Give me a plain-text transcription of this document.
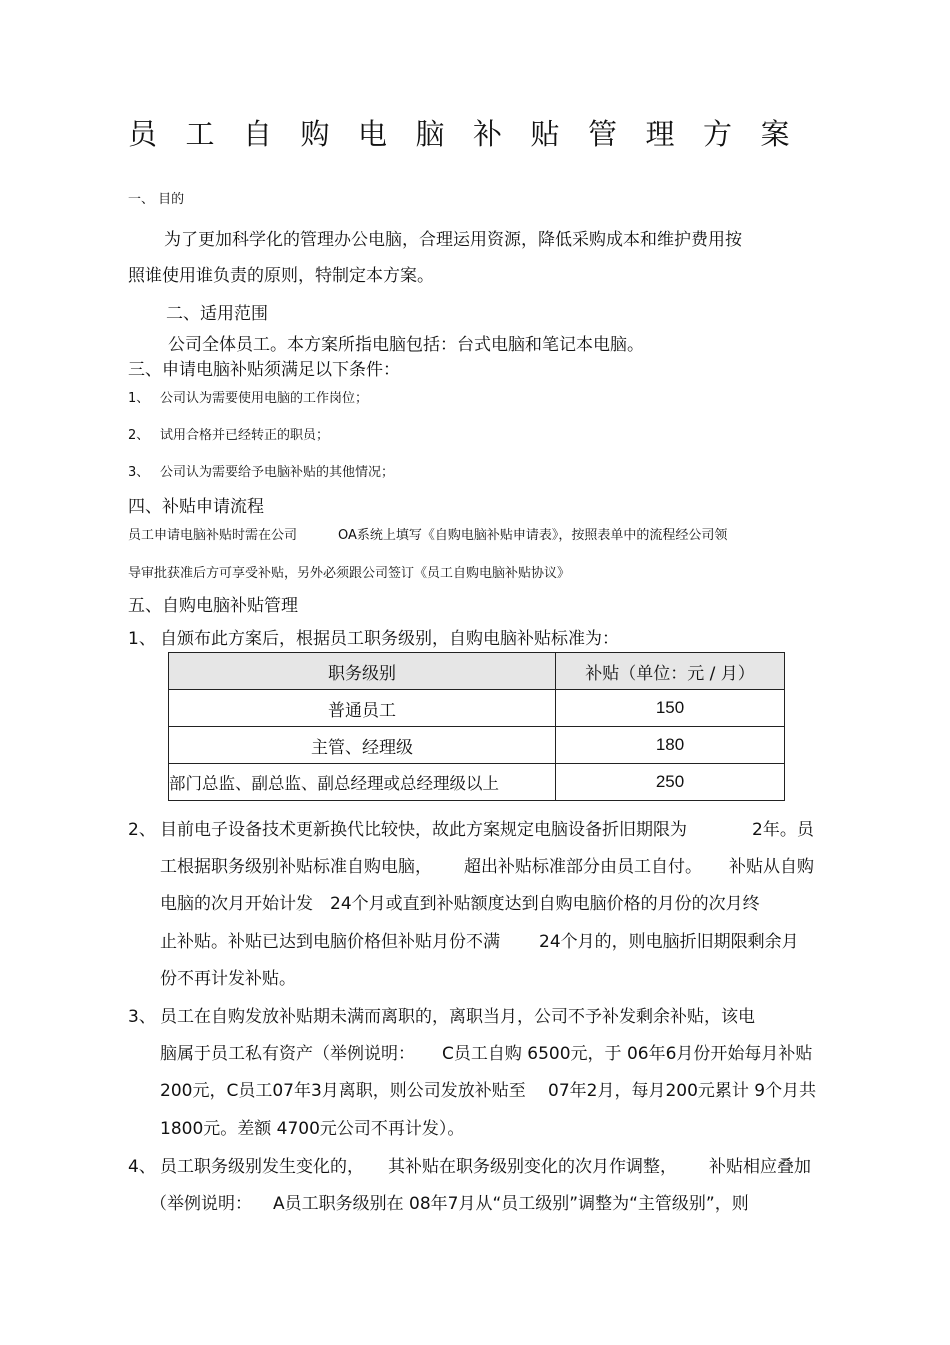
员工自购电脑补贴管理方案
一、 目的
为了更加科学化的管理办公电脑，合理运用资源，降低采购成本和维护费用按
照谁使用谁负责的原则，特制定本方案。
二、适用范围
公司全体员工。本方案所指电脑包括：台式电脑和笔记本电脑。
三、申请电脑补贴须满足以下条件：
1、 公司认为需要使用电脑的工作岗位；
2、 试用合格并已经转正的职员；
3、 公司认为需要给予电脑补贴的其他情况；
四、补贴申请流程
员工申请电脑补贴时需在公司	OA系统上填写《自购电脑补贴申请表》，按照表单中的流程经公司领
导审批获准后方可享受补贴，另外必须跟公司签订《员工自购电脑补贴协议》
五、自购电脑补贴管理
1、 自颁布此方案后，根据员工职务级别，自购电脑补贴标准为：
职务级别	补贴（单位：元 / 月）
普通员工	150
主管、经理级	180
部门总监、副总监、副总经理或总经理级以上	250
2、 目前电子设备技术更新换代比较快，故此方案规定电脑设备折旧期限为	2年。员
工根据职务级别补贴标准自购电脑， 超出补贴标准部分由员工自付。 补贴从自购
电脑的次月开始计发 24个月或直到补贴额度达到自购电脑价格的月份的次月终
止补贴。补贴已达到电脑价格但补贴月份不满 24个月的，则电脑折旧期限剩余月
份不再计发补贴。
3、 员工在自购发放补贴期未满而离职的，离职当月，公司不予补发剩余补贴，该电
脑属于员工私有资产（举例说明： C员工自购 6500元，于 06年6月份开始每月补贴
200元，C员工07年3月离职，则公司发放补贴至 07年2月，每月200元累计 9个月共
1800元。差额 4700元公司不再计发）。
4、 员工职务级别发生变化的， 其补贴在职务级别变化的次月作调整， 补贴相应叠加
（举例说明： A员工职务级别在 08年7月从“员工级别”调整为“主管级别”，则
